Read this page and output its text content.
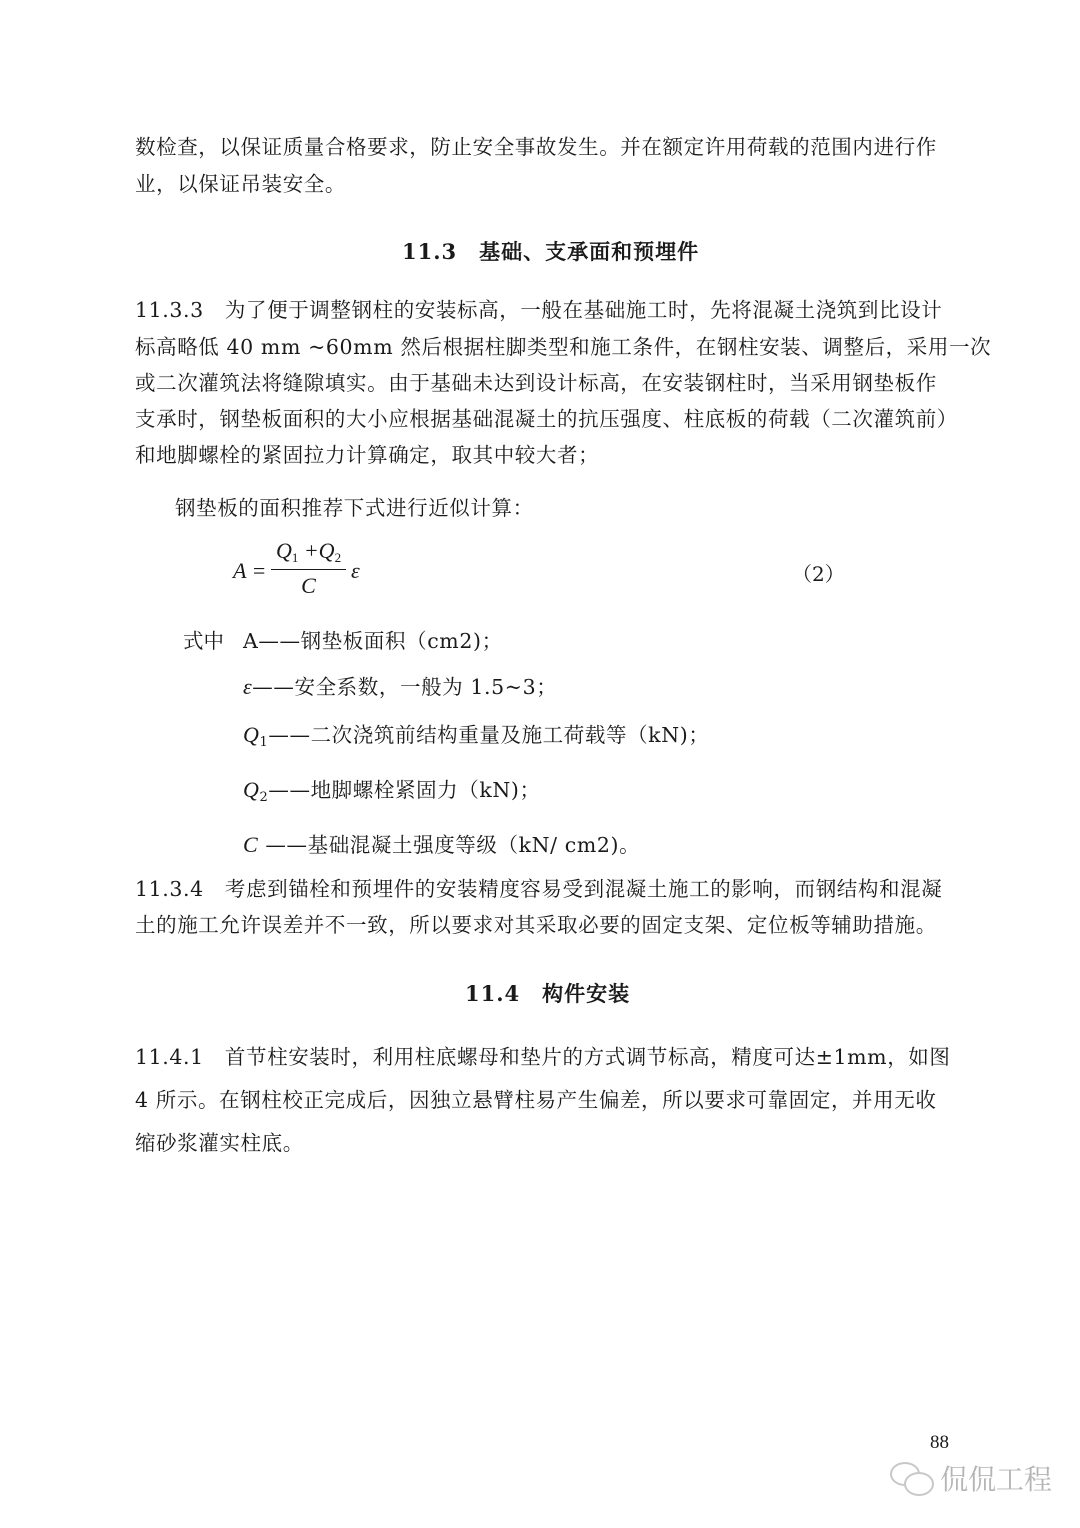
数检查，以保证质量合格要求，防止安全事故发生。并在额定许用荷载的范围内进行作
业，以保证吊装安全。
11.3　基础、支承面和预埋件
11.3.3　为了便于调整钢柱的安装标高，一般在基础施工时，先将混凝土浇筑到比设计
标高略低 40 mm ~60mm 然后根据柱脚类型和施工条件，在钢柱安装、调整后，采用一次
或二次灌筑法将缝隙填实。由于基础未达到设计标高，在安装钢柱时，当采用钢垫板作
支承时，钢垫板面积的大小应根据基础混凝土的抗压强度、柱底板的荷载（二次灌筑前）
和地脚螺栓的紧固拉力计算确定，取其中较大者；
钢垫板的面积推荐下式进行近似计算：
$A = \frac{Q_1 +Q_2}{C}$ ε	（2）
式中 A——钢垫板面积（cm2)；
ε——安全系数，一般为 1.5~3；
$Q_1——$二次浇筑前结构重量及施工荷载等（kN)；
$Q_2——$地脚螺栓紧固力（kN)；
C ——基础混凝土强度等级（kN/ cm2)。
11.3.4　考虑到锚栓和预埋件的安装精度容易受到混凝土施工的影响，而钢结构和混凝
土的施工允许误差并不一致，所以要求对其采取必要的固定支架、定位板等辅助措施。
11.4　构件安装
11.4.1　首节柱安装时，利用柱底螺母和垫片的方式调节标高，精度可达±1mm，如图
4 所示。在钢柱校正完成后，因独立悬臂柱易产生偏差，所以要求可靠固定，并用无收
缩砂浆灌实柱底。
88
侃侃工程
